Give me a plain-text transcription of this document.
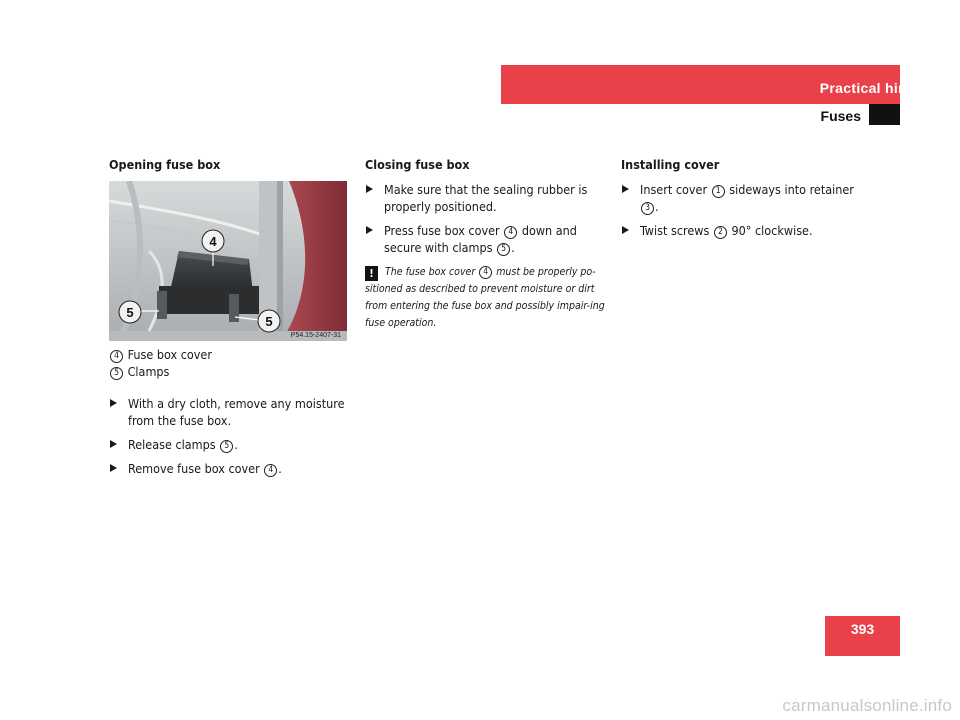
Practical hints
Fuses
Opening fuse box
4
5
5
P54.15-2407-31
4 Fuse box cover
5 Clamps
With a dry cloth, remove any moisture from the fuse box.
Release clamps 5 .
Remove fuse box cover 4 .
Closing fuse box
Make sure that the sealing rubber is properly positioned.
Press fuse box cover 4 down and secure with clamps 5 .
! The fuse box cover 4 must be properly po-sitioned as described to prevent moisture or dirt from entering the fuse box and possibly impair-ing fuse operation.
Installing cover
Insert cover 1 sideways into retainer 3 .
Twist screws 2 90° clockwise.
393
carmanualsonline.info
